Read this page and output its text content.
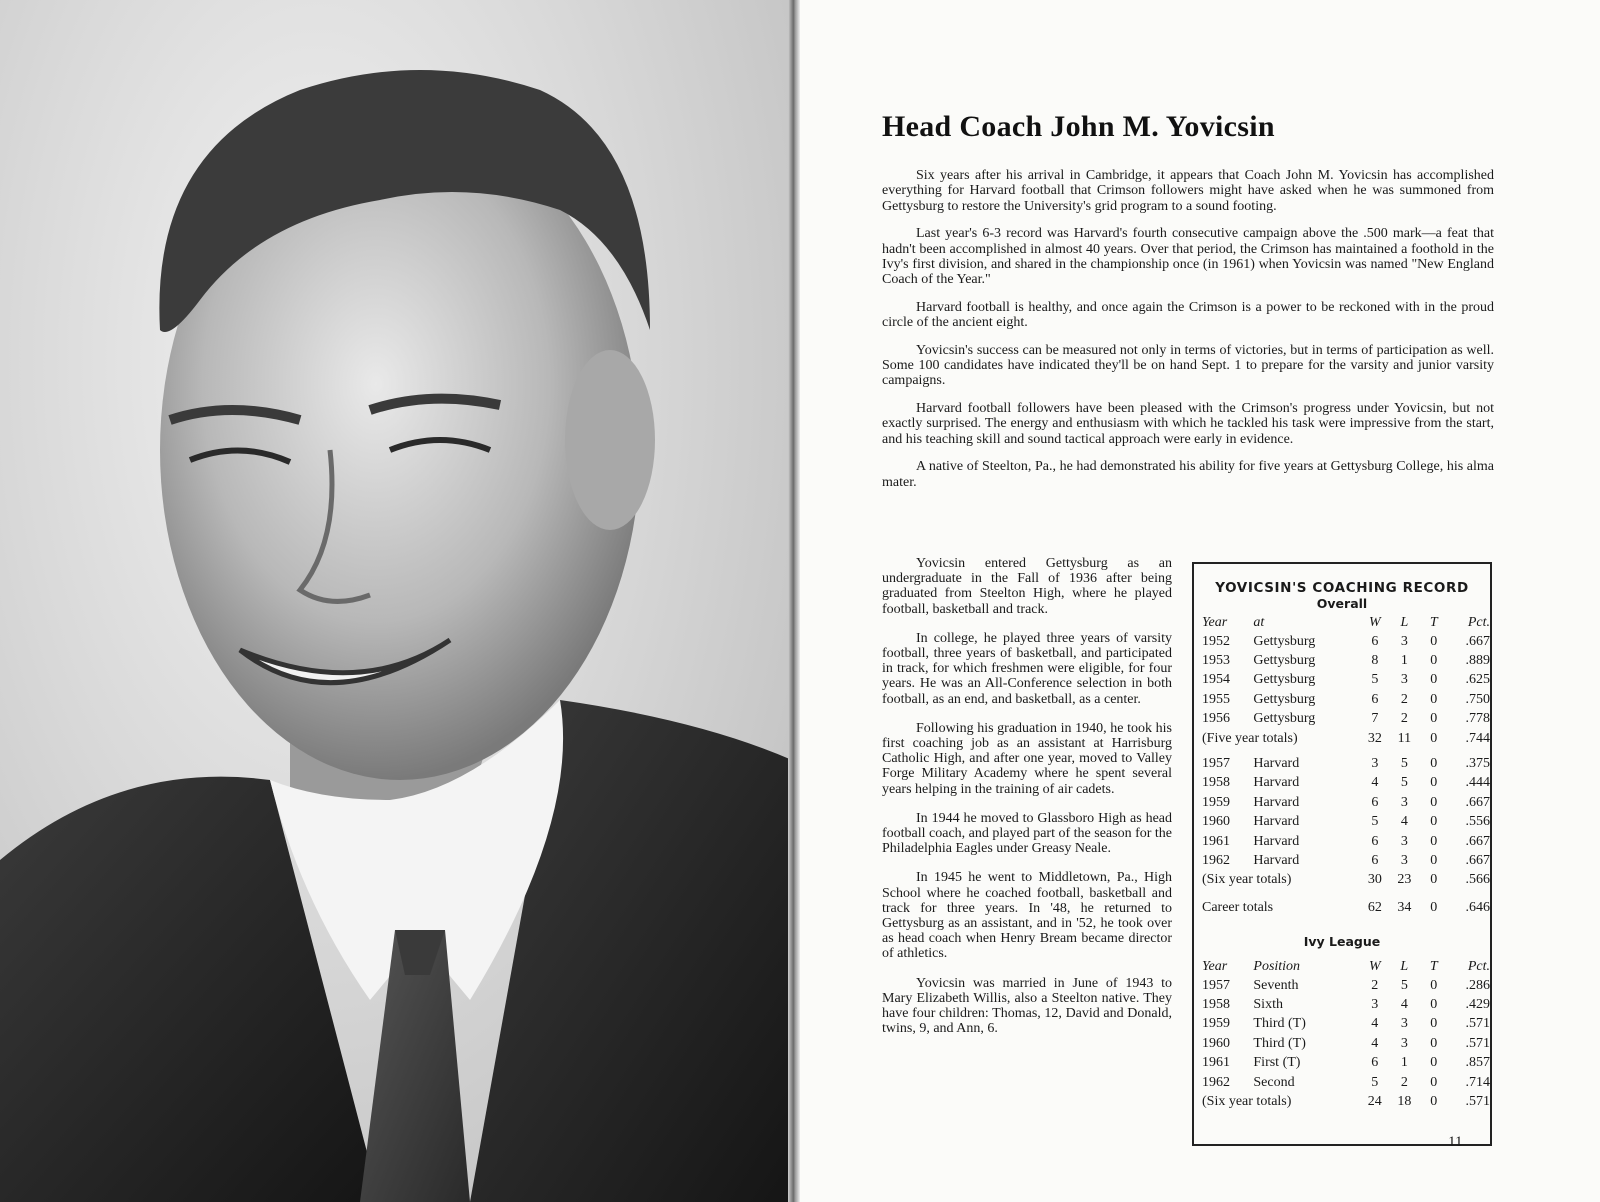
Head Coach John M. Yovicsin

Six years after his arrival in Cambridge, it appears that Coach John M. Yovicsin has accomplished everything for Harvard football that Crimson followers might have asked when he was summoned from Gettysburg to restore the University's grid program to a sound footing.

Last year's 6-3 record was Harvard's fourth consecutive campaign above the .500 mark—a feat that hadn't been accomplished in almost 40 years. Over that period, the Crimson has maintained a foothold in the Ivy's first division, and shared in the championship once (in 1961) when Yovicsin was named "New England Coach of the Year."

Harvard football is healthy, and once again the Crimson is a power to be reckoned with in the proud circle of the ancient eight.

Yovicsin's success can be measured not only in terms of victories, but in terms of participation as well. Some 100 candidates have indicated they'll be on hand Sept. 1 to prepare for the varsity and junior varsity campaigns.

Harvard football followers have been pleased with the Crimson's progress under Yovicsin, but not exactly surprised. The energy and enthusiasm with which he tackled his task were impressive from the start, and his teaching skill and sound tactical approach were early in evidence.

A native of Steelton, Pa., he had demonstrated his ability for five years at Gettysburg College, his alma mater.

Yovicsin entered Gettysburg as an undergraduate in the Fall of 1936 after being graduated from Steelton High, where he played football, basketball and track.

In college, he played three years of varsity football, three years of basketball, and participated in track, for which freshmen were eligible, for four years. He was an All-Conference selection in both football, as an end, and basketball, as a center.

Following his graduation in 1940, he took his first coaching job as an assistant at Harrisburg Catholic High, and after one year, moved to Valley Forge Military Academy where he spent several years helping in the training of air cadets.

In 1944 he moved to Glassboro High as head football coach, and played part of the season for the Philadelphia Eagles under Greasy Neale.

In 1945 he went to Middletown, Pa., High School where he coached football, basketball and track for three years. In '48, he returned to Gettysburg as an assistant, and in '52, he took over as head coach when Henry Bream became director of athletics.

Yovicsin was married in June of 1943 to Mary Elizabeth Willis, also a Steelton native. They have four children: Thomas, 12, David and Donald, twins, 9, and Ann, 6.

YOVICSIN'S COACHING RECORD
Overall
Year	at	W	L	T	Pct.
1952	Gettysburg	6	3	0	.667
1953	Gettysburg	8	1	0	.889
1954	Gettysburg	5	3	0	.625
1955	Gettysburg	6	2	0	.750
1956	Gettysburg	7	2	0	.778
(Five year totals)		32	11	0	.744
1957	Harvard	3	5	0	.375
1958	Harvard	4	5	0	.444
1959	Harvard	6	3	0	.667
1960	Harvard	5	4	0	.556
1961	Harvard	6	3	0	.667
1962	Harvard	6	3	0	.667
(Six year totals)		30	23	0	.566
Career totals		62	34	0	.646
Ivy League
Year	Position	W	L	T	Pct.
1957	Seventh	2	5	0	.286
1958	Sixth	3	4	0	.429
1959	Third (T)	4	3	0	.571
1960	Third (T)	4	3	0	.571
1961	First (T)	6	1	0	.857
1962	Second	5	2	0	.714
(Six year totals)		24	18	0	.571
11
